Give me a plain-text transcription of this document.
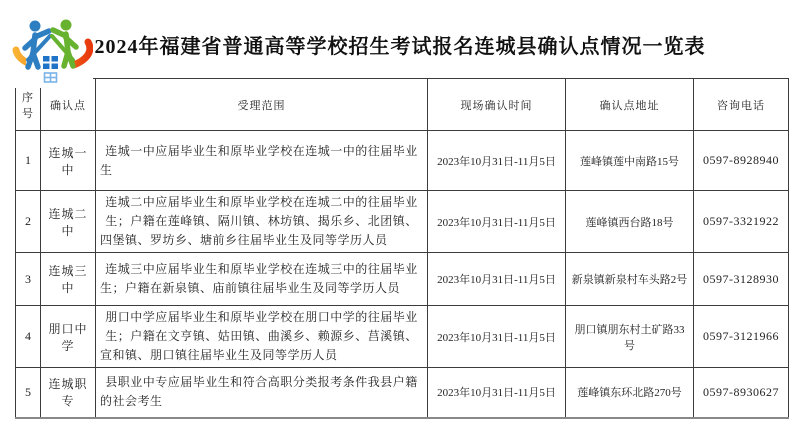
2024年福建省普通高等学校招生考试报名连城县确认点情况一览表
序号	确认点	受理范围	现场确认时间	确认点地址	咨询电话
1	连城一中	连城一中应届毕业生和原毕业学校在连城一中的往届毕业生	2023年10月31日-11月5日	莲峰镇莲中南路15号	0597-8928940
2	连城二中	连城二中应届毕业生和原毕业学校在连城二中的往届毕业生；户籍在莲峰镇、隔川镇、林坊镇、揭乐乡、北团镇、四堡镇、罗坊乡、塘前乡往届毕业生及同等学历人员	2023年10月31日-11月5日	莲峰镇西台路18号	0597-3321922
3	连城三中	连城三中应届毕业生和原毕业学校在连城三中的往届毕业生；户籍在新泉镇、庙前镇往届毕业生及同等学历人员	2023年10月31日-11月5日	新泉镇新泉村车头路2号	0597-3128930
4	朋口中学	朋口中学应届毕业生和原毕业学校在朋口中学的往届毕业生；户籍在文亨镇、姑田镇、曲溪乡、赖源乡、莒溪镇、宣和镇、朋口镇往届毕业生及同等学历人员	2023年10月31日-11月5日	朋口镇朋东村土矿路33号	0597-3121966
5	连城职专	县职业中专应届毕业生和符合高职分类报考条件我县户籍的社会考生	2023年10月31日-11月5日	莲峰镇东环北路270号	0597-8930627
